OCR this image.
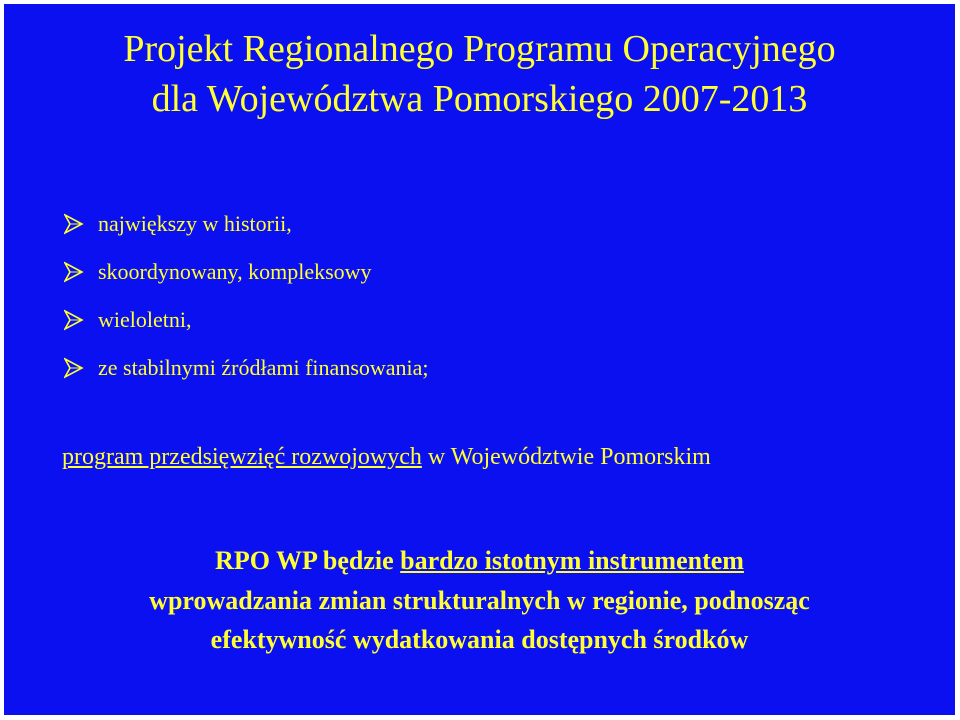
Projekt Regionalnego Programu Operacyjnego
dla Województwa Pomorskiego 2007-2013
największy w historii,
skoordynowany, kompleksowy
wieloletni,
ze stabilnymi źródłami finansowania;
program przedsięwzięć rozwojowych w Województwie Pomorskim
RPO WP będzie bardzo istotnym instrumentem
wprowadzania zmian strukturalnych w regionie, podnosząc
efektywność wydatkowania dostępnych środków
